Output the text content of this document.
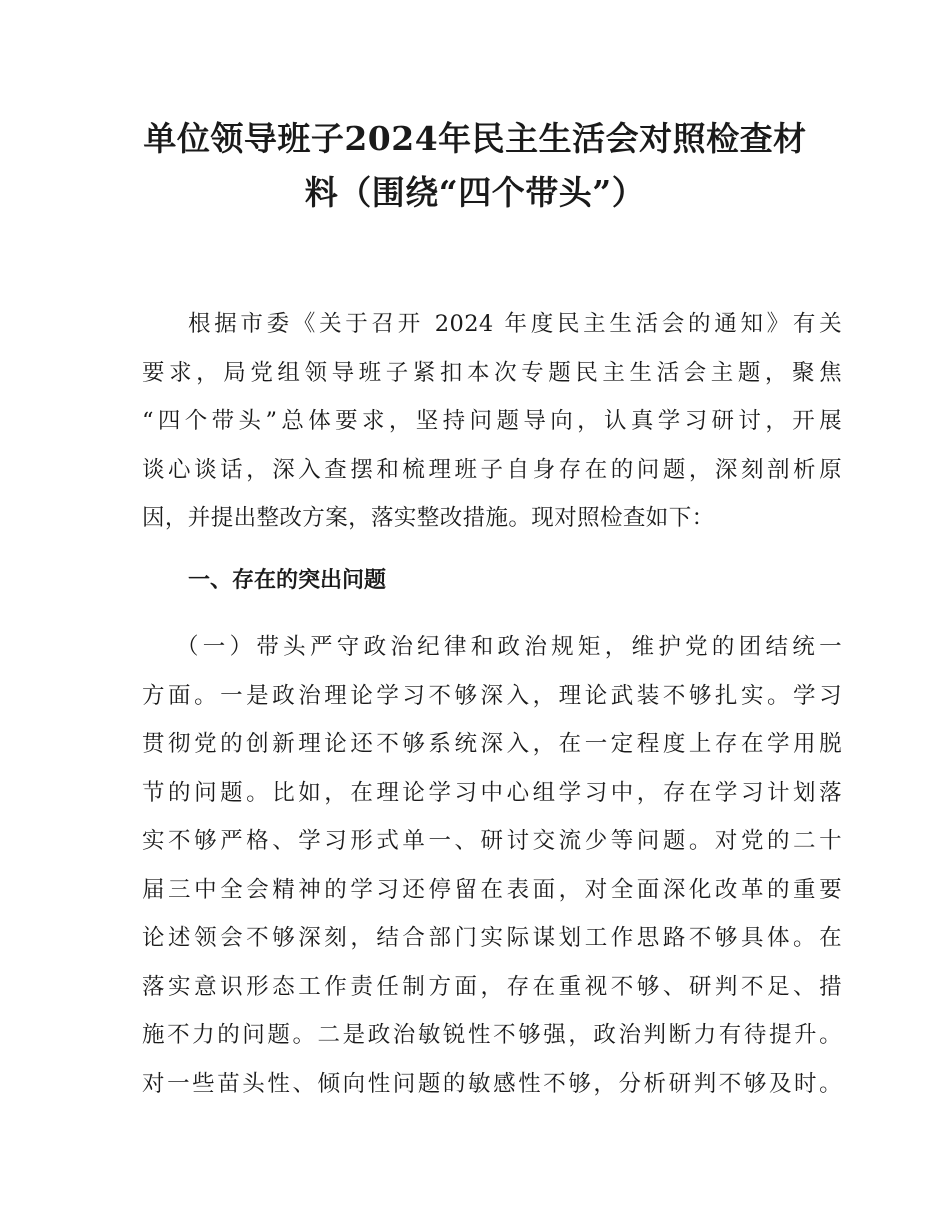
单位领导班子2024年民主生活会对照检查材
料（围绕“四个带头”）
根据市委《关于召开 2024 年度民主生活会的通知》有关
要求，局党组领导班子紧扣本次专题民主生活会主题，聚焦
“四个带头”总体要求，坚持问题导向，认真学习研讨，开展
谈心谈话，深入查摆和梳理班子自身存在的问题，深刻剖析原
因，并提出整改方案，落实整改措施。现对照检查如下：
一、存在的突出问题
（一）带头严守政治纪律和政治规矩，维护党的团结统一
方面。一是政治理论学习不够深入，理论武装不够扎实。学习
贯彻党的创新理论还不够系统深入，在一定程度上存在学用脱
节的问题。比如，在理论学习中心组学习中，存在学习计划落
实不够严格、学习形式单一、研讨交流少等问题。对党的二十
届三中全会精神的学习还停留在表面，对全面深化改革的重要
论述领会不够深刻，结合部门实际谋划工作思路不够具体。在
落实意识形态工作责任制方面，存在重视不够、研判不足、措
施不力的问题。二是政治敏锐性不够强，政治判断力有待提升。
对一些苗头性、倾向性问题的敏感性不够，分析研判不够及时。
